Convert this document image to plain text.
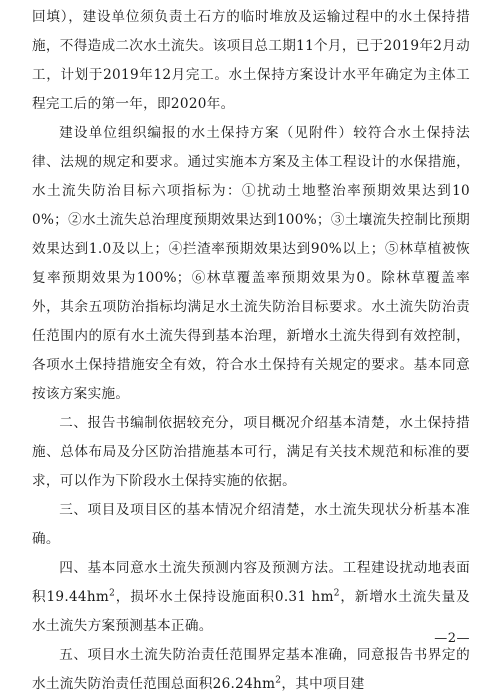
回填），建设单位须负责土石方的临时堆放及运输过程中的水土保持措施，不得造成二次水土流失。该项目总工期11个月，已于2019年2月动工，计划于2019年12月完工。水土保持方案设计水平年确定为主体工程完工后的第一年，即2020年。

建设单位组织编报的水土保持方案（见附件）较符合水土保持法律、法规的规定和要求。通过实施本方案及主体工程设计的水保措施，水土流失防治目标六项指标为：①扰动土地整治率预期效果达到100%；②水土流失总治理度预期效果达到100%；③土壤流失控制比预期效果达到1.0及以上；④拦渣率预期效果达到90%以上；⑤林草植被恢复率预期效果为100%；⑥林草覆盖率预期效果为0。除林草覆盖率外，其余五项防治指标均满足水土流失防治目标要求。水土流失防治责任范围内的原有水土流失得到基本治理，新增水土流失得到有效控制，各项水土保持措施安全有效，符合水土保持有关规定的要求。基本同意按该方案实施。

二、报告书编制依据较充分，项目概况介绍基本清楚，水土保持措施、总体布局及分区防治措施基本可行，满足有关技术规范和标准的要求，可以作为下阶段水土保持实施的依据。

三、项目及项目区的基本情况介绍清楚，水土流失现状分析基本准确。

四、基本同意水土流失预测内容及预测方法。工程建设扰动地表面积$19.44hm^2$，损坏水土保持设施面积0.31 $hm^2$，新增水土流失量及水土流失方案预测基本正确。

五、项目水土流失防治责任范围界定基本准确，同意报告书界定的水土流失防治责任范围总面积$26.24hm^2$，其中项目建

—2—
